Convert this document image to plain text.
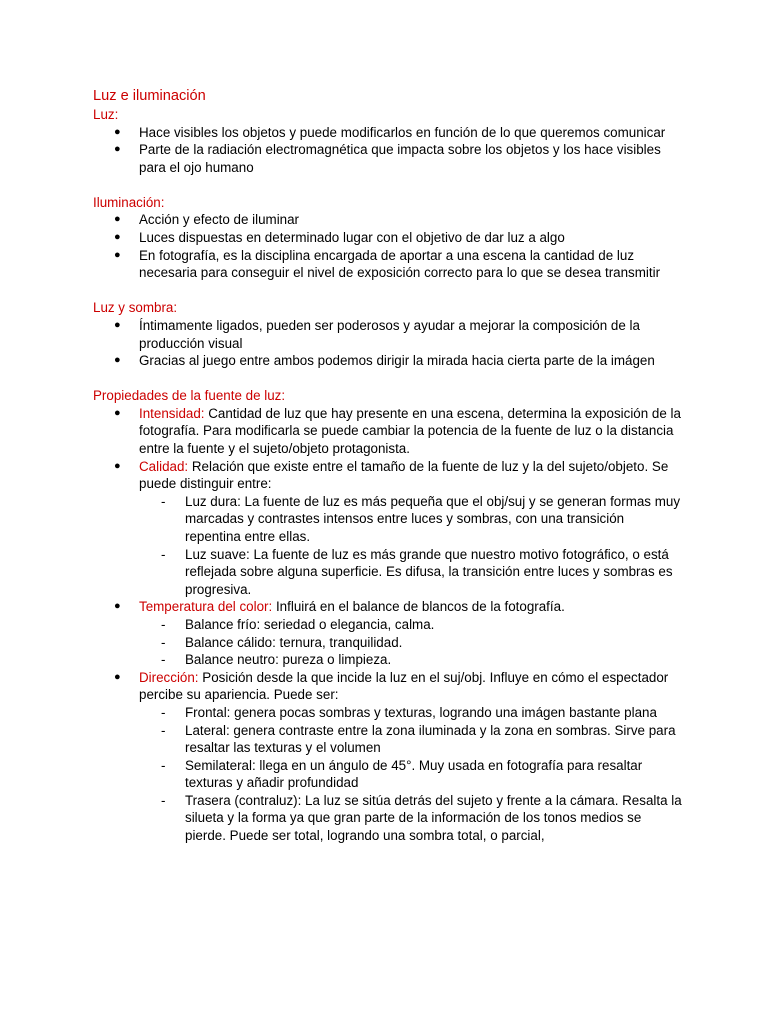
Luz e iluminación

Luz:

● Hace visibles los objetos y puede modificarlos en función de lo que queremos comunicar
● Parte de la radiación electromagnética que impacta sobre los objetos y los hace visibles para el ojo humano

Iluminación:

● Acción y efecto de iluminar
● Luces dispuestas en determinado lugar con el objetivo de dar luz a algo
● En fotografía, es la disciplina encargada de aportar a una escena la cantidad de luz necesaria para conseguir el nivel de exposición correcto para lo que se desea transmitir

Luz y sombra:

● Íntimamente ligados, pueden ser poderosos y ayudar a mejorar la composición de la producción visual
● Gracias al juego entre ambos podemos dirigir la mirada hacia cierta parte de la imágen

Propiedades de la fuente de luz:

● Intensidad: Cantidad de luz que hay presente en una escena, determina la exposición de la fotografía. Para modificarla se puede cambiar la potencia de la fuente de luz o la distancia entre la fuente y el sujeto/objeto protagonista.
● Calidad: Relación que existe entre el tamaño de la fuente de luz y la del sujeto/objeto. Se puede distinguir entre:
- Luz dura: La fuente de luz es más pequeña que el obj/suj y se generan formas muy marcadas y contrastes intensos entre luces y sombras, con una transición repentina entre ellas.
- Luz suave: La fuente de luz es más grande que nuestro motivo fotográfico, o está reflejada sobre alguna superficie. Es difusa, la transición entre luces y sombras es progresiva.
● Temperatura del color: Influirá en el balance de blancos de la fotografía.
- Balance frío: seriedad o elegancia, calma.
- Balance cálido: ternura, tranquilidad.
- Balance neutro: pureza o limpieza.
● Dirección: Posición desde la que incide la luz en el suj/obj. Influye en cómo el espectador percibe su apariencia. Puede ser:
- Frontal: genera pocas sombras y texturas, logrando una imágen bastante plana
- Lateral: genera contraste entre la zona iluminada y la zona en sombras. Sirve para resaltar las texturas y el volumen
- Semilateral: llega en un ángulo de 45°. Muy usada en fotografía para resaltar texturas y añadir profundidad
- Trasera (contraluz): La luz se sitúa detrás del sujeto y frente a la cámara. Resalta la silueta y la forma ya que gran parte de la información de los tonos medios se pierde. Puede ser total, logrando una sombra total, o parcial,
